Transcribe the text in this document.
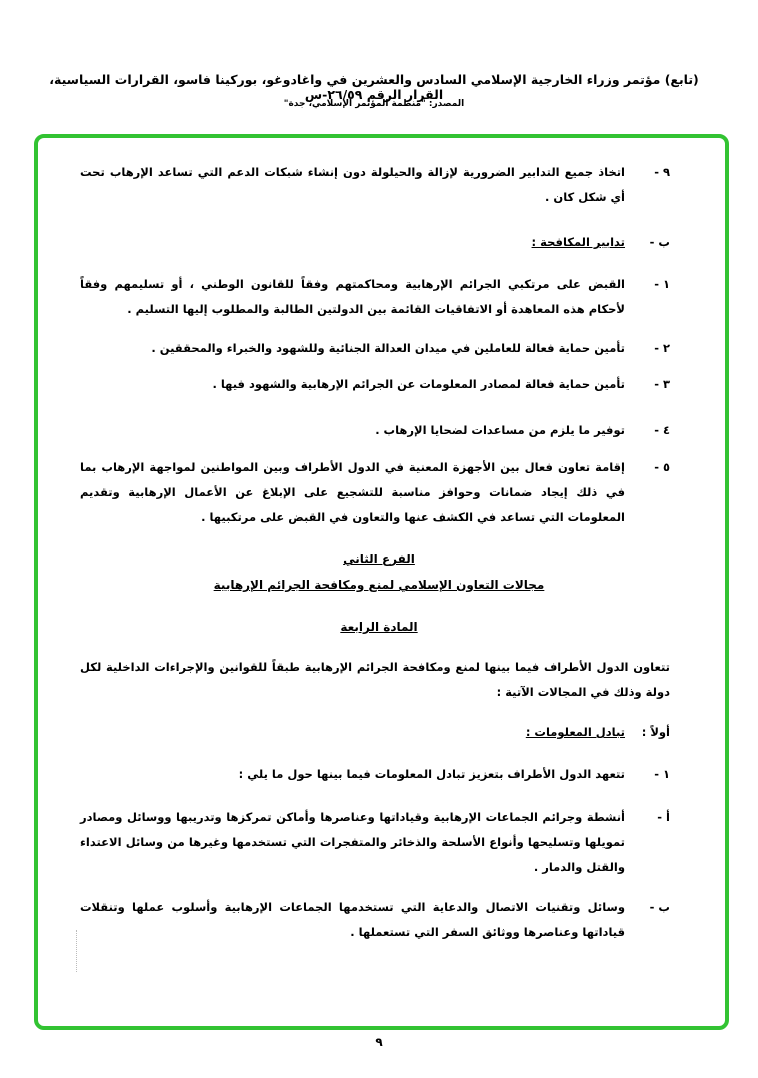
(تابع) مؤتمر وزراء الخارجية الإسلامي السادس والعشرين في واغادوغو، بوركينا فاسو، القرارات السياسية، القرار الرقم ٢٦/٥٩-س
المصدر: "منظمة المؤتمر الإسلامي، جدة"
٩ -
اتخاذ جميع التدابير الضرورية لإزالة والحيلولة دون إنشاء شبكات الدعم التي تساعد الإرهاب تحت أي شكل كان .
ب -
تدابير المكافحة :
١ -
القبض على مرتكبي الجرائم الإرهابية ومحاكمتهم وفقاً للقانون الوطني ، أو تسليمهم وفقاً لأحكام هذه المعاهدة أو الاتفاقيات القائمة بين الدولتين الطالبة والمطلوب إليها التسليم .
٢ -
تأمين حماية فعالة للعاملين في ميدان العدالة الجنائية وللشهود والخبراء والمحققين .
٣ -
تأمين حماية فعالة لمصادر المعلومات عن الجرائم الإرهابية والشهود فيها .
٤ -
توفير ما يلزم من مساعدات لضحايا الإرهاب .
٥ -
إقامة تعاون فعال بين الأجهزة المعنية في الدول الأطراف وبين المواطنين لمواجهة الإرهاب بما في ذلك إيجاد ضمانات وحوافز مناسبة للتشجيع على الإبلاغ عن الأعمال الإرهابية وتقديم المعلومات التي تساعد في الكشف عنها والتعاون في القبض على مرتكبيها .
الفرع الثاني
مجالات التعاون الإسلامي لمنع ومكافحة الجرائم الإرهابية
المادة الرابعة
تتعاون الدول الأطراف فيما بينها لمنع ومكافحة الجرائم الإرهابية طبقاً للقوانين والإجراءات الداخلية لكل دولة وذلك في المجالات الآتية :
أولاً :
تبادل المعلومات :
١ -
تتعهد الدول الأطراف بتعزيز تبادل المعلومات فيما بينها حول ما يلي :
أ -
أنشطة وجرائم الجماعات الإرهابية وقياداتها وعناصرها وأماكن تمركزها وتدريبها ووسائل ومصادر تمويلها وتسليحها وأنواع الأسلحة والذخائر والمتفجرات التي تستخدمها وغيرها من وسائل الاعتداء والقتل والدمار .
ب -
وسائل وتقنيات الاتصال والدعاية التي تستخدمها الجماعات الإرهابية وأسلوب عملها وتنقلات قياداتها وعناصرها ووثائق السفر التي تستعملها .
٩
